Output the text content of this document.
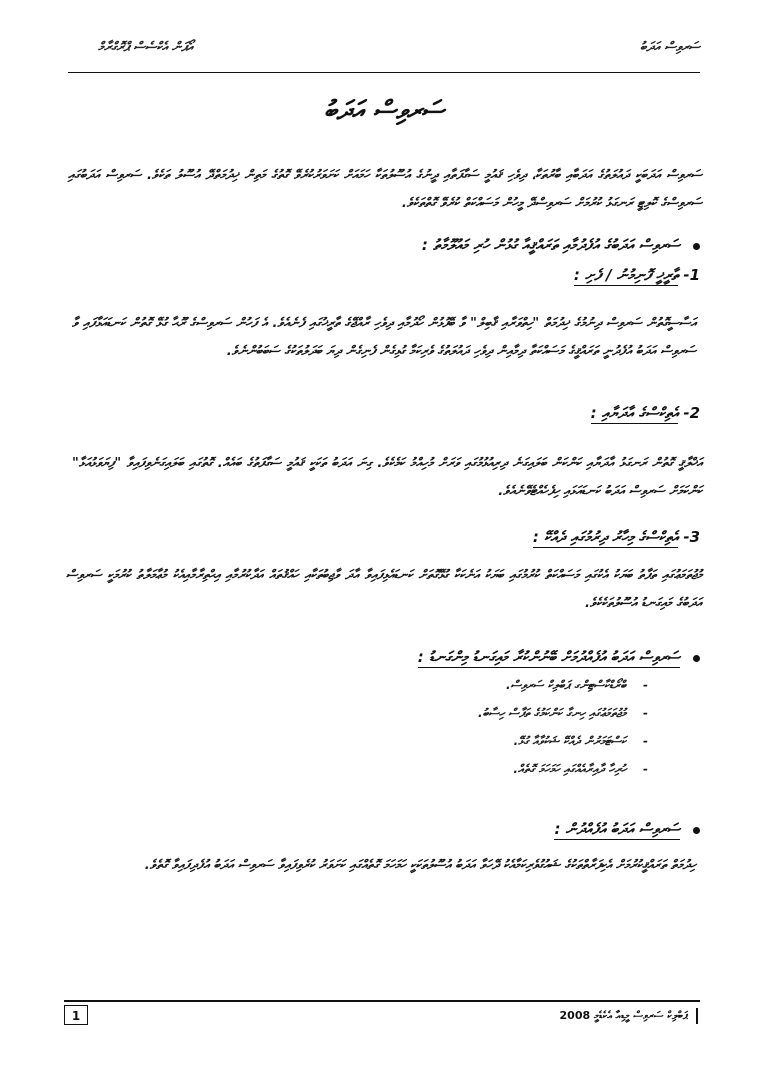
އޯޕަން އެކްސެސް ޕްރޮގްރާމް	ސަރވިސް އަދަބު
ސަރވިސް އަދަބު
ސަރވިސް އަދަބަކީ ދައުލަތުގެ އަދަބާއި ބާރުތަކާ، ދިވެހި ޤައުމީ ސަގާފަތާއި ދީނުގެ އުސޫލުތަކާ ހަމައަށް ކަށަވަރުކުރެވޭ ގޮތުގެ މަތިން ޚިދުމަތްދޭ އުސޫލު ތަކެވެ. ސަރވިސް އަދަބުގައި ސަރވިސްގެ ކޮލިޓީ ރަނގަޅު ކުރުމަށް ސަރވިސްދޭ މީހުން މަސައްކަތް ކުރެވޭ ގޮތްތަކެވެ.
ސަރވިސް އަދަބުގެ އުފެދުމާއި ތަރައްޤީއާ ގުޅުން ހުރި މައުލޫމާތު :
1- ތާރީޚީ ފޮނިމުނު / ފެށި :
އަސާސީގޮތުން ސަރވިސް ދިނުމުގެ ޚިދުމަތް "ހިތްވަރާއި ޤާބިލް" ވާ ބޭފުޅުން ހޯދުމާއި ދިވެހި ރާއްޖޭގެ ތާރީޚުގައި ފެނެއެވެ. އެ ފަހުން ސަރވިސްގެ ރޫޙާ ގުޅޭ ގޮތުން ކަނޑައަޅާފައި ވާ ސަރވިސް އަދަބު އުފެދުނީ ތަރައްޤީގެ މަސައްކަތާ ދިމާއިން ދިވެހި ދައުލަތުގެ ވެރިކަމާ ގުޅިގެން ފެނިގެން ދިޔަ ބަދަލުތަކުގެ ސަބަބުންނެވެ.
2- އެތިކްސްގެ އާދަޔާއި :
އަޚްލާޤީ ގޮތުން ރަނގަޅު އާދަޔާއި ކަންކަން ބަލައިގަނެ ދިރިއުޅުމުގައި ވަރަށް މުހިއްމު ކަމެކެވެ. ގިނަ އަދަބު ތަކަކީ ޤައުމީ ސަގާފަތުގެ ބައެއް. ގޮތުގައި ބަލައިގަނެވިފައިވާ "ފިޔަވަޅުއަޅާ" ކަންކަމަށް ސަރވިސް އަދަބު ކަނޑައަޅައި ހިފެހެއްޓެވޭނެއެވެ.
3- އެތިކްސްގެ މިހާރު ދިރުމުގައި ދެއްކޭ :
މުޖުތަމަޢުގައި ތަފާތު ބަޔަކު އެކުގައި މަސައްކަތް ކުރުމުގައި ބަޔަކު އަނެކަކާ ގުޅޭގޮތަށް ކަނޑައެޅިފައިވާ އާދަ ވާޖިބުތަކާއި ހައްޤުތައް އަދާކުރުމާއި އިޙްތިރާމާއިއެކު މުޢާމަލާތު ކުރުމަކީ ސަރވިސް އަދަބުގެ މައިގަނޑު އުސޫލުތަކެކެވެ.
ސަރވިސް އަދަބު އުފެއްދުމަށް ބޭނުންކުރާ މައިގަނޑު މިންގަނޑު :
-
ބްރޯޑްކާސްޓިންގ ޕަބްލިކް ސަރވިސް.
-
މުޖުތަމަޢުގައި ހިނގާ ކަންކަމުގެ ތަފާސް ހިސާބު.
-
ކަސްޓަމަރުން ދެއްކޭ ޝަކުވާއާ ގުޅޭ.
-
ހުރިހާ ދާއިރާއެއްގައި ހަމަހަމަ ގޮތެއް.
ސަރވިސް އަދަބު އުފެއްދުން :
ހިދުމަތް ތަރައްޤީކުރުމަށް އެކިފަރާތްތަކުގެ ޝައުގުވެރިކަމާއެކު ދޭހަވާ އަދަބު އުސޫލުތަކަކީ ހަމަހަމަ ގޮތެއްގައި ކަށަވަރު ކުރެވިފައިވާ ސަރވިސް އަދަބު އުފެދިފައިވާ ގޮތެވެ.
1	ޕަބްލިކް ސަރވިސް މީޑިއާ އެކެޑެމީ 2008
